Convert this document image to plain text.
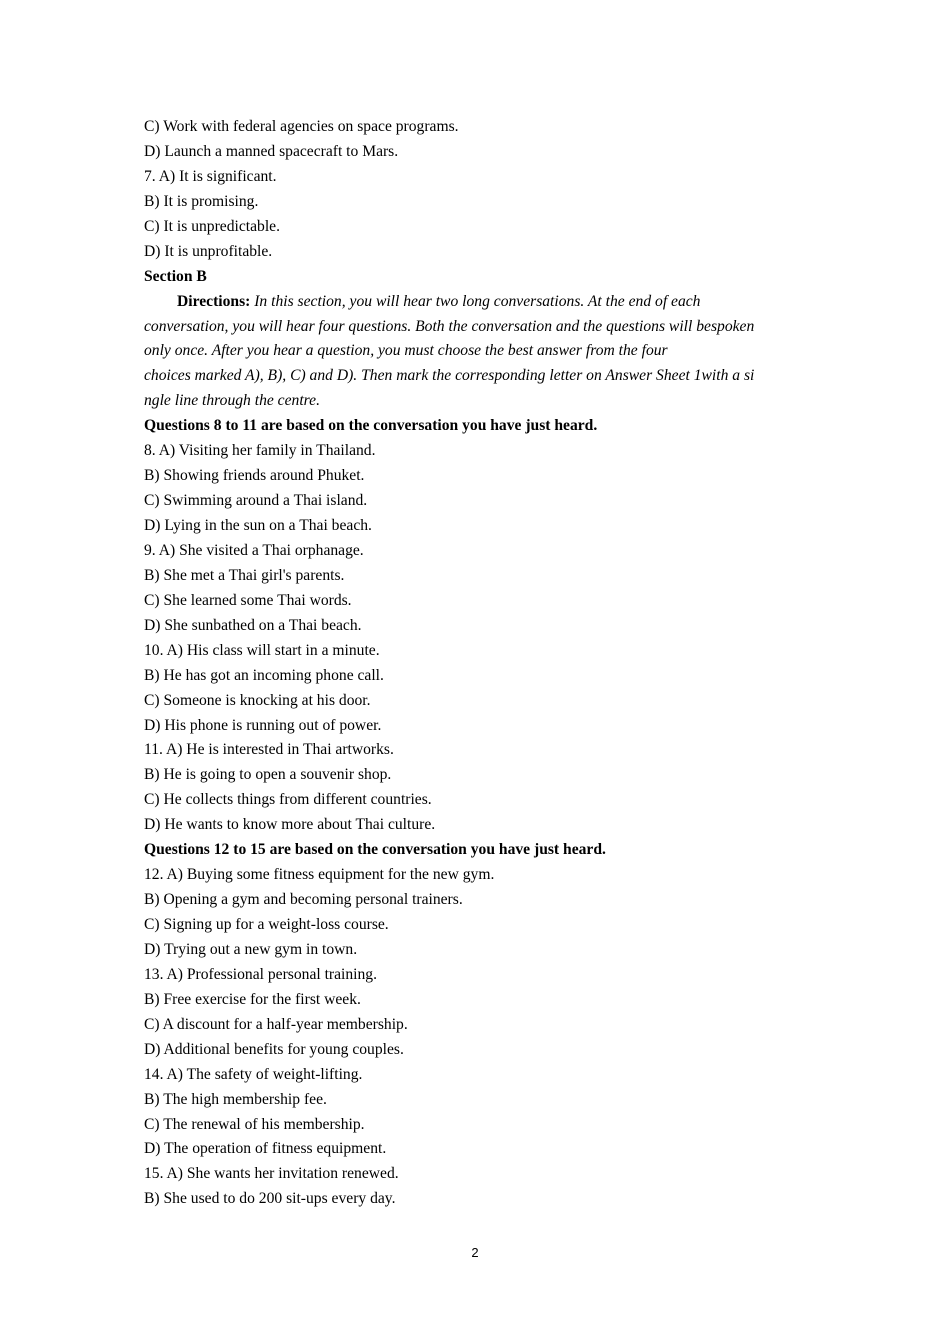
C) Work with federal agencies on space programs.
D) Launch a manned spacecraft to Mars.
7. A) It is significant.
B) It is promising.
C) It is unpredictable.
D) It is unprofitable.
Section B
Directions: In this section, you will hear two long conversations. At the end of each
conversation, you will hear four questions. Both the conversation and the questions will bespoken
only once. After you hear a question, you must choose the best answer from the four
choices marked A), B), C) and D). Then mark the corresponding letter on Answer Sheet 1with a si
ngle line through the centre.
Questions 8 to 11 are based on the conversation you have just heard.
8. A) Visiting her family in Thailand.
B) Showing friends around Phuket.
C) Swimming around a Thai island.
D) Lying in the sun on a Thai beach.
9. A) She visited a Thai orphanage.
B) She met a Thai girl's parents.
C) She learned some Thai words.
D) She sunbathed on a Thai beach.
10. A) His class will start in a minute.
B) He has got an incoming phone call.
C) Someone is knocking at his door.
D) His phone is running out of power.
11. A) He is interested in Thai artworks.
B) He is going to open a souvenir shop.
C) He collects things from different countries.
D) He wants to know more about Thai culture.
Questions 12 to 15 are based on the conversation you have just heard.
12. A) Buying some fitness equipment for the new gym.
B) Opening a gym and becoming personal trainers.
C) Signing up for a weight-loss course.
D) Trying out a new gym in town.
13. A) Professional personal training.
B) Free exercise for the first week.
C) A discount for a half-year membership.
D) Additional benefits for young couples.
14. A) The safety of weight-lifting.
B) The high membership fee.
C) The renewal of his membership.
D) The operation of fitness equipment.
15. A) She wants her invitation renewed.
B) She used to do 200 sit-ups every day.
2
